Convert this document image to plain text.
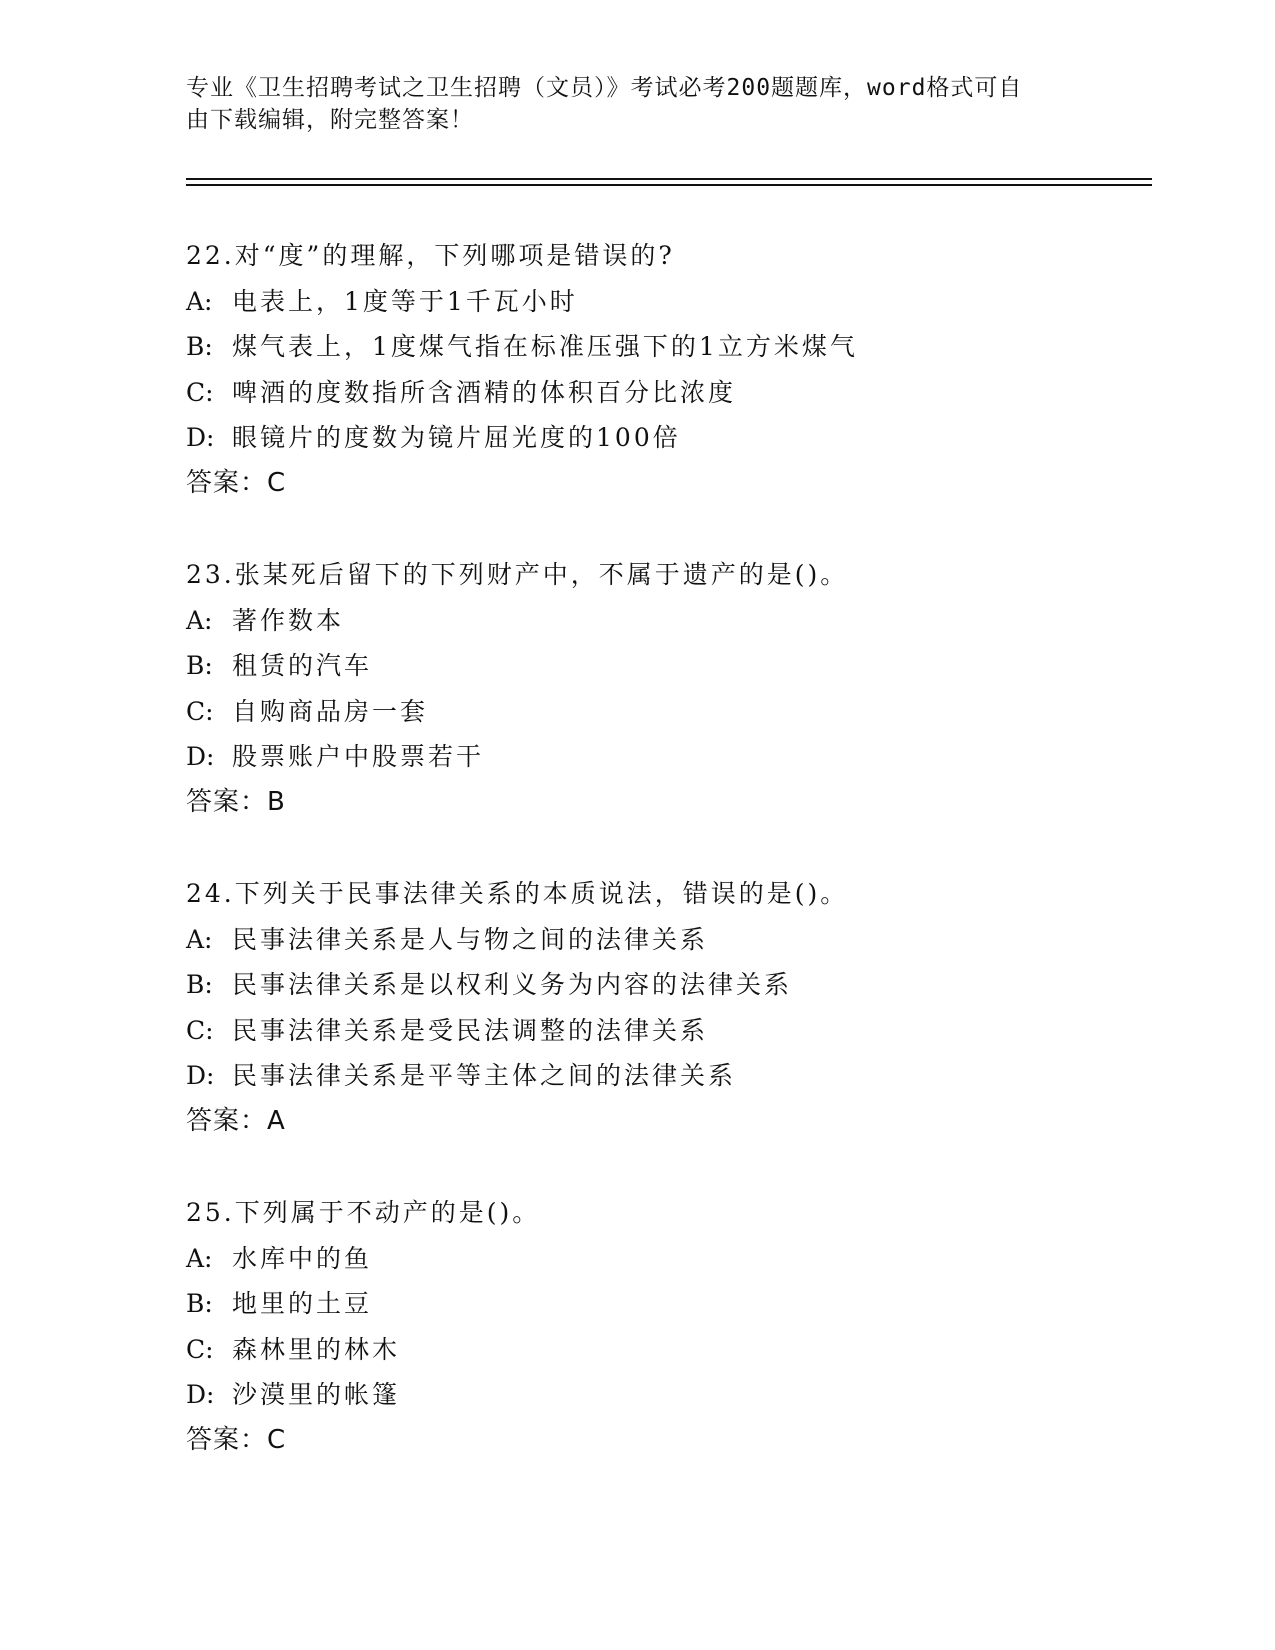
专业《卫生招聘考试之卫生招聘（文员）》考试必考200题题库，word格式可自
由下载编辑，附完整答案！

22.对“度”的理解，下列哪项是错误的?
A: 电表上，1度等于1千瓦小时
B: 煤气表上，1度煤气指在标准压强下的1立方米煤气
C: 啤酒的度数指所含酒精的体积百分比浓度
D: 眼镜片的度数为镜片屈光度的100倍
答案：C
23.张某死后留下的下列财产中，不属于遗产的是()。
A: 著作数本
B: 租赁的汽车
C: 自购商品房一套
D: 股票账户中股票若干
答案：B
24.下列关于民事法律关系的本质说法，错误的是()。
A: 民事法律关系是人与物之间的法律关系
B: 民事法律关系是以权利义务为内容的法律关系
C: 民事法律关系是受民法调整的法律关系
D: 民事法律关系是平等主体之间的法律关系
答案：A
25.下列属于不动产的是()。
A: 水库中的鱼
B: 地里的土豆
C: 森林里的林木
D: 沙漠里的帐篷
答案：C
